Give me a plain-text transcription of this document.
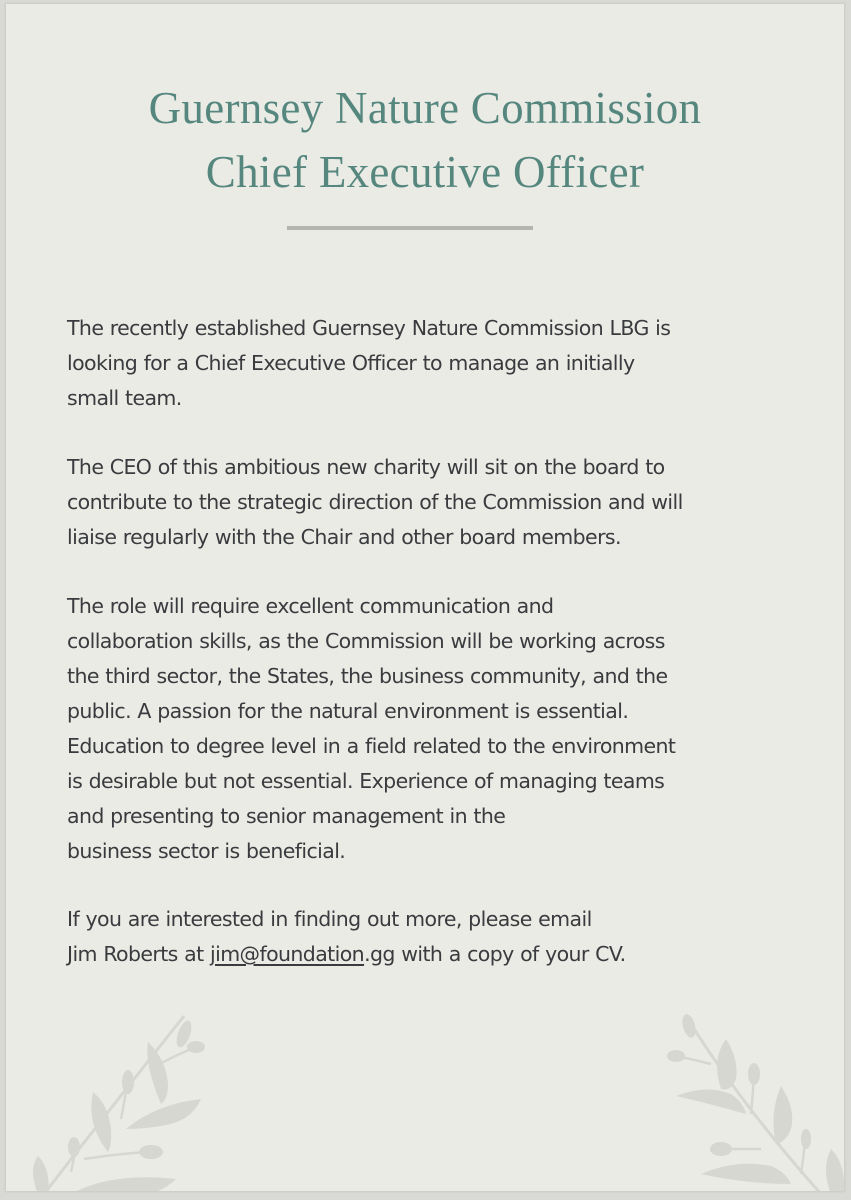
Guernsey Nature Commission
Chief Executive Officer

The recently established Guernsey Nature Commission LBG is
looking for a Chief Executive Officer to manage an initially
small team.

The CEO of this ambitious new charity will sit on the board to
contribute to the strategic direction of the Commission and will
liaise regularly with the Chair and other board members.

The role will require excellent communication and
collaboration skills, as the Commission will be working across
the third sector, the States, the business community, and the
public. A passion for the natural environment is essential.
Education to degree level in a field related to the environment
is desirable but not essential. Experience of managing teams
and presenting to senior management in the
business sector is beneficial.

If you are interested in finding out more, please email
Jim Roberts at jim@foundation.gg with a copy of your CV.
